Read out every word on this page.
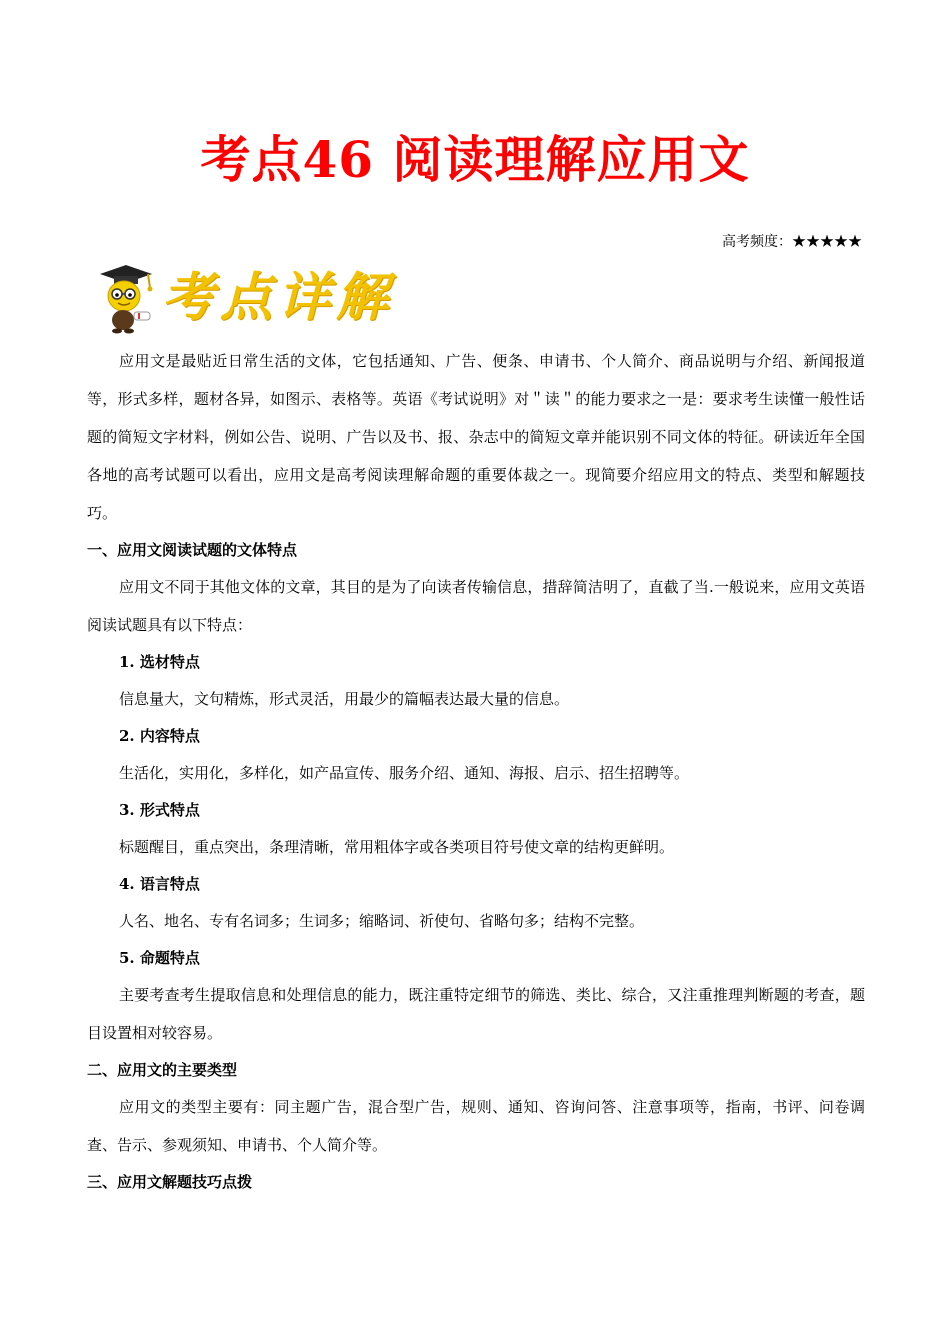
考点46 阅读理解应用文
高考频度：★★★★★
考点详解

应用文是最贴近日常生活的文体，它包括通知、广告、便条、申请书、个人简介、商品说明与介绍、新闻报道等，形式多样，题材各异，如图示、表格等。英语《考试说明》对＂读＂的能力要求之一是：要求考生读懂一般性话题的简短文字材料，例如公告、说明、广告以及书、报、杂志中的简短文章并能识别不同文体的特征。研读近年全国各地的高考试题可以看出，应用文是高考阅读理解命题的重要体裁之一。现简要介绍应用文的特点、类型和解题技巧。

一、应用文阅读试题的文体特点

应用文不同于其他文体的文章，其目的是为了向读者传输信息，措辞简洁明了，直截了当.一般说来，应用文英语阅读试题具有以下特点：

1. 选材特点

信息量大，文句精炼，形式灵活，用最少的篇幅表达最大量的信息。

2. 内容特点

生活化，实用化，多样化，如产品宣传、服务介绍、通知、海报、启示、招生招聘等。

3. 形式特点

标题醒目，重点突出，条理清晰，常用粗体字或各类项目符号使文章的结构更鲜明。

4. 语言特点

人名、地名、专有名词多；生词多；缩略词、祈使句、省略句多；结构不完整。

5. 命题特点

主要考查考生提取信息和处理信息的能力，既注重特定细节的筛选、类比、综合，又注重推理判断题的考查，题目设置相对较容易。

二、应用文的主要类型

应用文的类型主要有：同主题广告，混合型广告，规则、通知、咨询问答、注意事项等，指南，书评、问卷调查、告示、参观须知、申请书、个人简介等。

三、应用文解题技巧点拨
